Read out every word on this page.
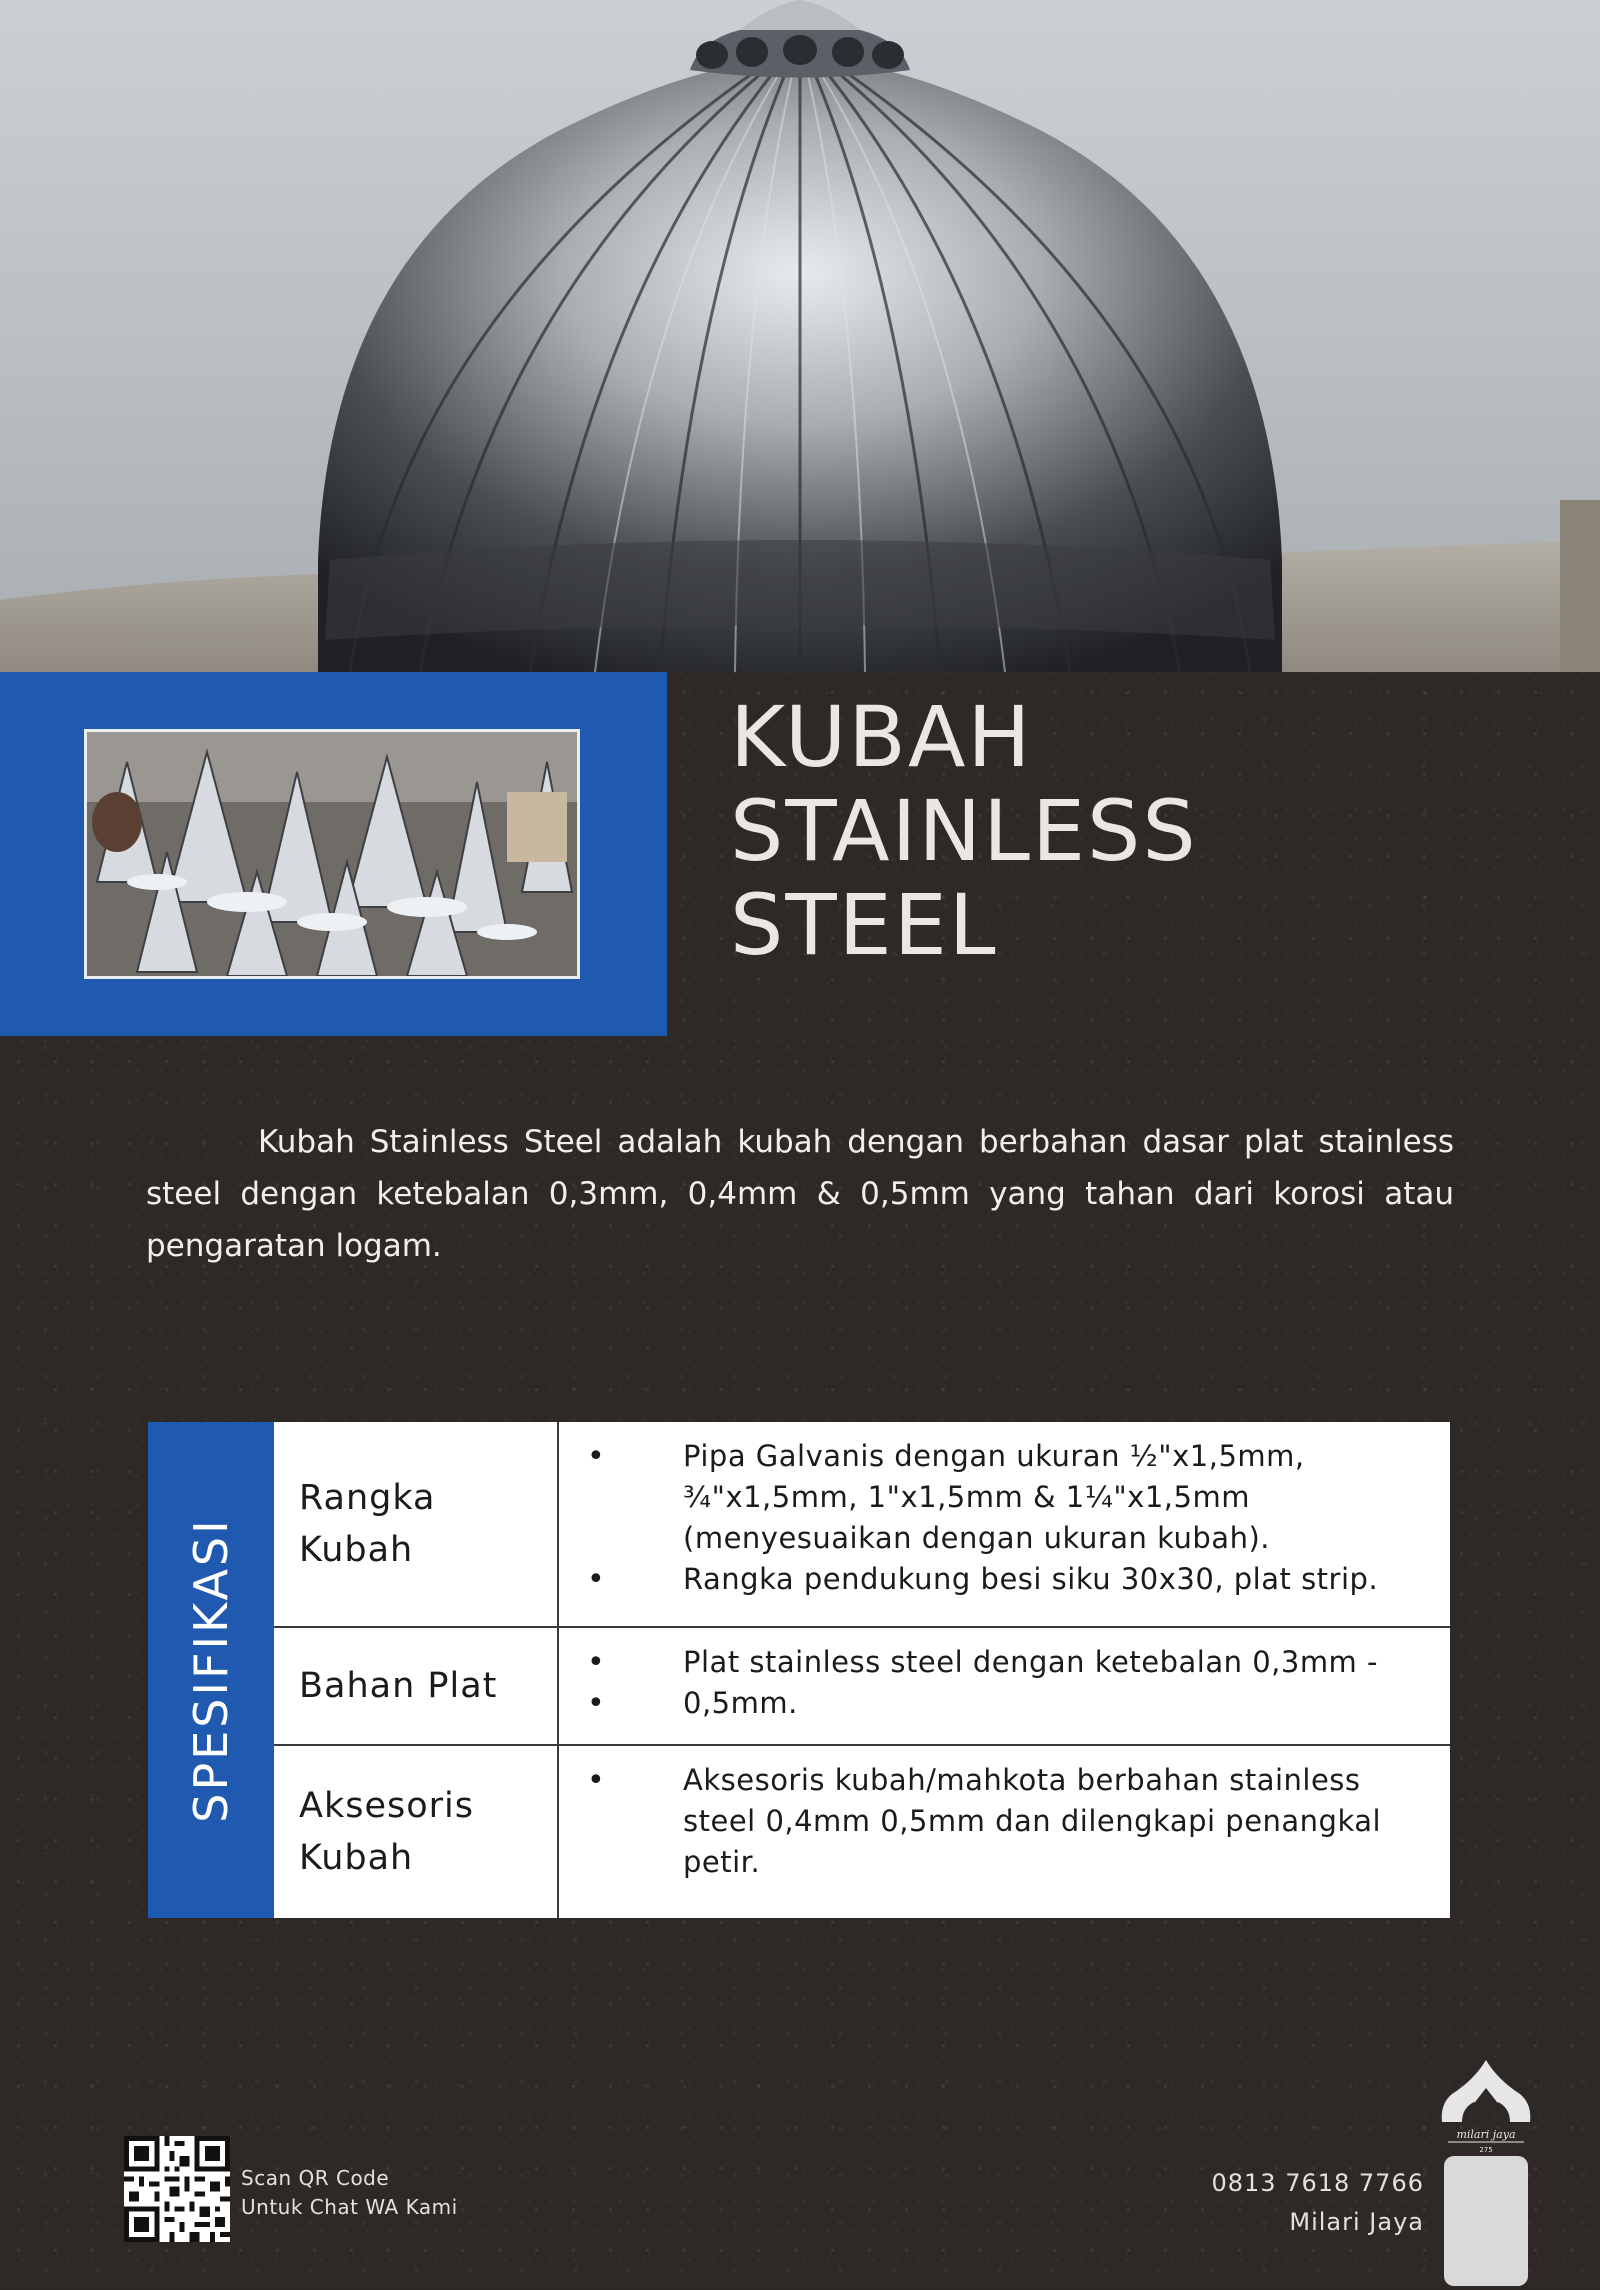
KUBAH
STAINLESS
STEEL

Kubah Stainless Steel adalah kubah dengan berbahan dasar plat stainless steel dengan ketebalan 0,3mm, 0,4mm & 0,5mm yang tahan dari korosi atau pengaratan logam.

SPESIFIKASI
Rangka Kubah
• Pipa Galvanis dengan ukuran ½"x1,5mm, ¾"x1,5mm, 1"x1,5mm & 1¼"x1,5mm (menyesuaikan dengan ukuran kubah).
• Rangka pendukung besi siku 30x30, plat strip.
Bahan Plat
• Plat stainless steel dengan ketebalan 0,3mm -
• 0,5mm.
Aksesoris Kubah
• Aksesoris kubah/mahkota berbahan stainless steel 0,4mm 0,5mm dan dilengkapi penangkal petir.
Scan QR Code
Untuk Chat WA Kami
0813 7618 7766
Milari Jaya
milari jaya
275
